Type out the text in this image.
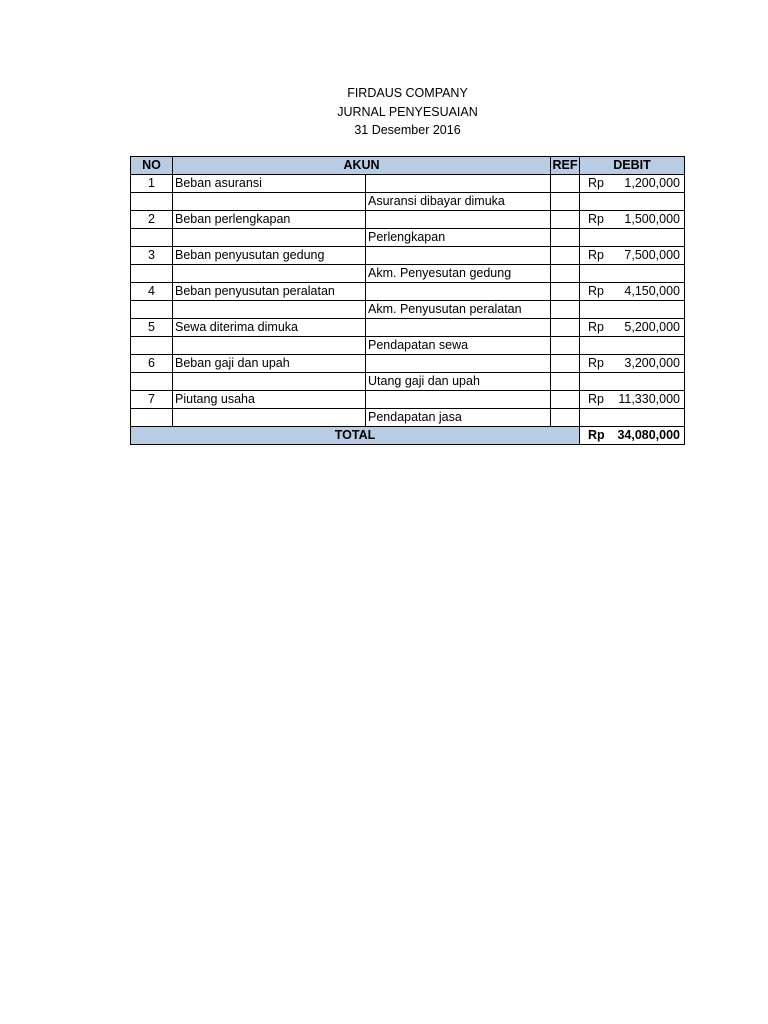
FIRDAUS COMPANY
JURNAL PENYESUAIAN
31 Desember 2016
NO	AKUN		REF	DEBIT
1	Beban asuransi			Rp 1,200,000

		Asuransi dibayar dimuka		
2	Beban perlengkapan			Rp 1,500,000

		Perlengkapan		
3	Beban penyusutan gedung			Rp 7,500,000

		Akm. Penyesutan gedung		
4	Beban penyusutan peralatan			Rp 4,150,000

		Akm. Penyusutan peralatan		
5	Sewa diterima dimuka			Rp 5,200,000

		Pendapatan sewa		
6	Beban gaji dan upah			Rp 3,200,000

		Utang gaji dan upah		
7	Piutang usaha			Rp 11,330,000

		Pendapatan jasa		
TOTAL				Rp 34,080,000
